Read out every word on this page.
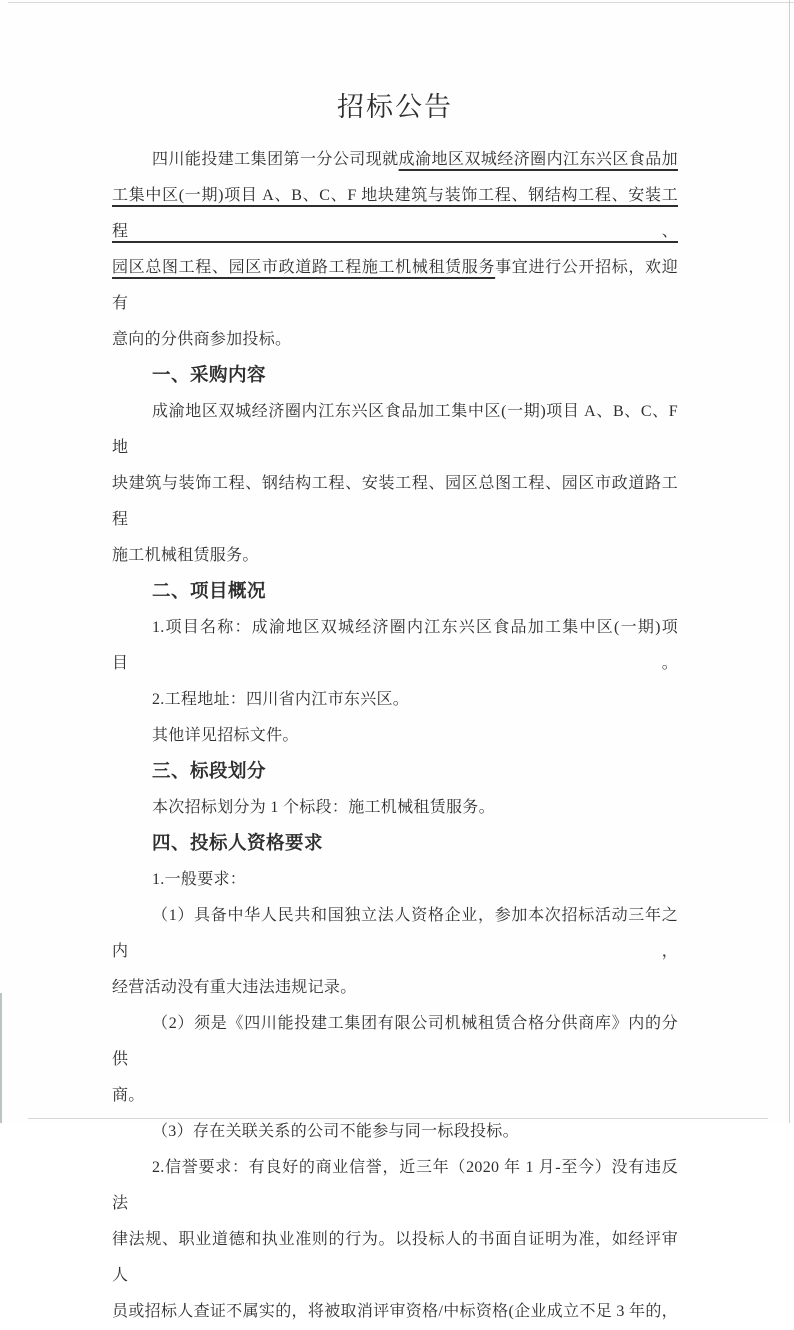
招标公告
四川能投建工集团第一分公司现就成渝地区双城经济圈内江东兴区食品加
工集中区(一期)项目 A、B、C、F 地块建筑与装饰工程、钢结构工程、安装工程、
园区总图工程、园区市政道路工程施工机械租赁服务事宜进行公开招标，欢迎有
意向的分供商参加投标。
一、采购内容
成渝地区双城经济圈内江东兴区食品加工集中区(一期)项目 A、B、C、F 地
块建筑与装饰工程、钢结构工程、安装工程、园区总图工程、园区市政道路工程
施工机械租赁服务。
二、项目概况
1.项目名称：成渝地区双城经济圈内江东兴区食品加工集中区(一期)项目。
2.工程地址：四川省内江市东兴区。
其他详见招标文件。
三、标段划分
本次招标划分为 1 个标段：施工机械租赁服务。
四、投标人资格要求
1.一般要求：
（1）具备中华人民共和国独立法人资格企业，参加本次招标活动三年之内，
经营活动没有重大违法违规记录。
（2）须是《四川能投建工集团有限公司机械租赁合格分供商库》内的分供
商。
（3）存在关联关系的公司不能参与同一标段投标。
2.信誉要求：有良好的商业信誉，近三年（2020 年 1 月-至今）没有违反法
律法规、职业道德和执业准则的行为。以投标人的书面自证明为准，如经评审人
员或招标人查证不属实的，将被取消评审资格/中标资格(企业成立不足 3 年的，
